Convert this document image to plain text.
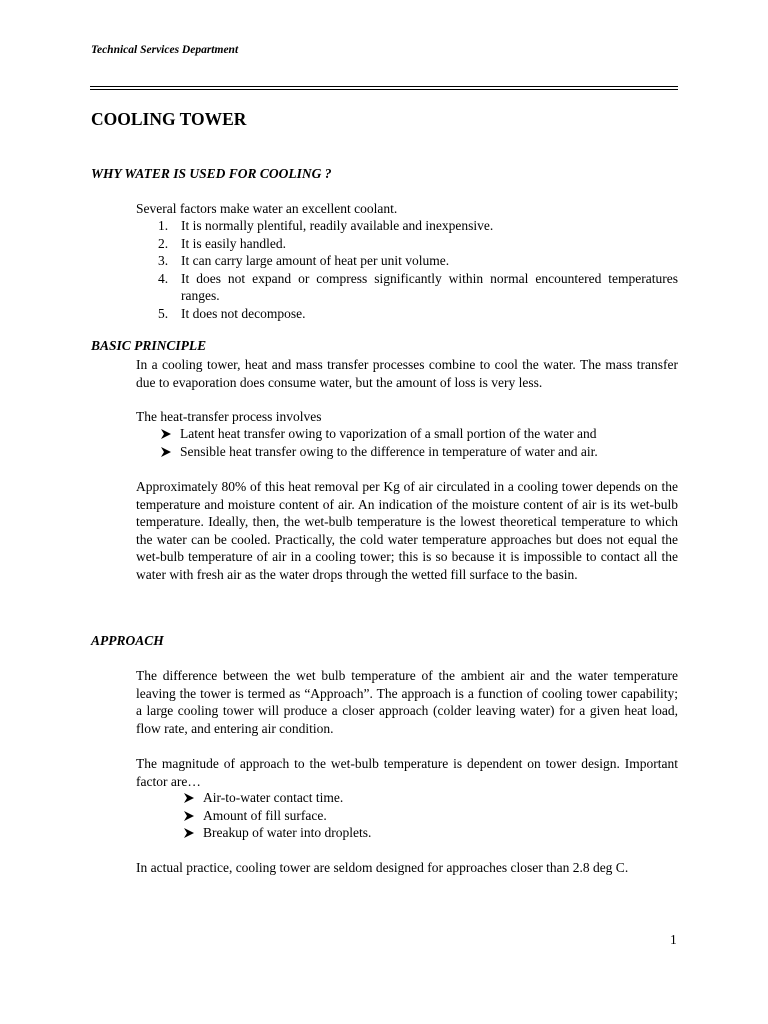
Technical Services Department
COOLING TOWER
WHY WATER IS USED FOR COOLING ?

Several factors make water an excellent coolant.

1. It is normally plentiful, readily available and inexpensive.
2. It is easily handled.
3. It can carry large amount of heat per unit volume.
4. It does not expand or compress significantly within normal encountered temperatures ranges.
5. It does not decompose.
BASIC PRINCIPLE

In a cooling tower, heat and mass transfer processes combine to cool the water. The mass transfer due to evaporation does consume water, but the amount of loss is very less.

The heat-transfer process involves

Latent heat transfer owing to vaporization of a small portion of the water and
Sensible heat transfer owing to the difference in temperature of water and air.

Approximately 80% of this heat removal per Kg of air circulated in a cooling tower depends on the temperature and moisture content of air. An indication of the moisture content of air is its wet-bulb temperature. Ideally, then, the wet-bulb temperature is the lowest theoretical temperature to which the water can be cooled. Practically, the cold water temperature approaches but does not equal the wet-bulb temperature of air in a cooling tower; this is so because it is impossible to contact all the water with fresh air as the water drops through the wetted fill surface to the basin.

APPROACH

The difference between the wet bulb temperature of the ambient air and the water temperature leaving the tower is termed as “Approach”. The approach is a function of cooling tower capability; a large cooling tower will produce a closer approach (colder leaving water) for a given heat load, flow rate, and entering air condition.

The magnitude of approach to the wet-bulb temperature is dependent on tower design. Important factor are…

Air-to-water contact time.
Amount of fill surface.
Breakup of water into droplets.

In actual practice, cooling tower are seldom designed for approaches closer than 2.8 deg C.

1
